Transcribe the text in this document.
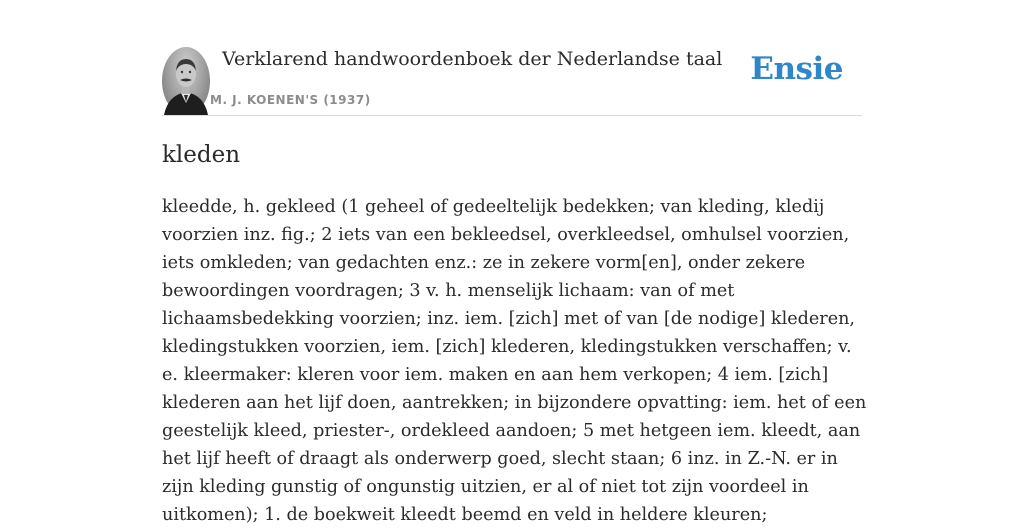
Verklarend handwoordenboek der Nederlandse taal
M. J. KOENEN'S (1937)
Ensie
kleden

kleedde, h. gekleed (1 geheel of gedeeltelijk bedekken; van kleding, kledij voorzien inz. fig.; 2 iets van een bekleedsel, overkleedsel, omhulsel voorzien, iets omkleden; van gedachten enz.: ze in zekere vorm[en], onder zekere bewoordingen voordragen; 3 v. h. menselijk lichaam: van of met lichaamsbedekking voorzien; inz. iem. [zich] met of van [de nodige] klederen, kledingstukken voorzien, iem. [zich] klederen, kledingstukken verschaffen; v. e. kleermaker: kleren voor iem. maken en aan hem verkopen; 4 iem. [zich] klederen aan het lijf doen, aantrekken; in bijzondere opvatting: iem. het of een geestelijk kleed, priester-, ordekleed aandoen; 5 met hetgeen iem. kleedt, aan het lijf heeft of draagt als onderwerp goed, slecht staan; 6 inz. in Z.-N. er in zijn kleding gunstig of ongunstig uitzien, er al of niet tot zijn voordeel in uitkomen); 1. de boekweit kleedt beemd en veld in heldere kleuren;
